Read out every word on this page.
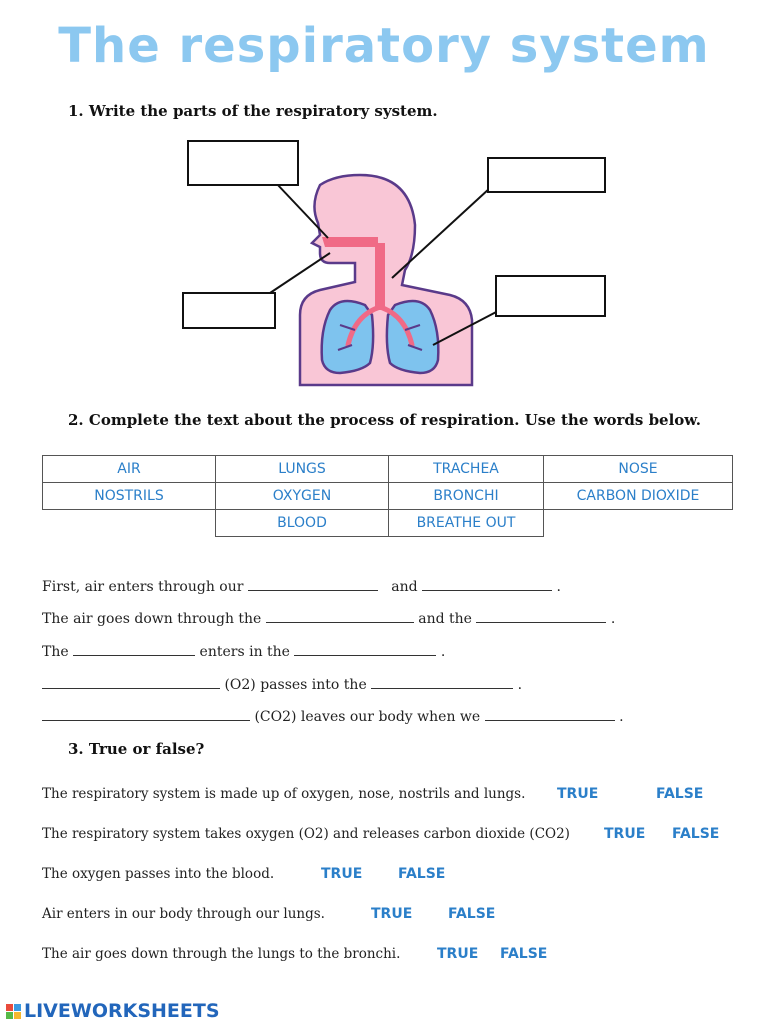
The respiratory system
1. Write the parts of the respiratory system.
2. Complete the text about the process of respiration. Use the words below.
AIR	LUNGS	TRACHEA	NOSE
NOSTRILS	OXYGEN	BRONCHI	CARBON DIOXIDE
	BLOOD	BREATHE OUT	
First, air enters through our	and	.
The air goes down through the	and the	.
The	enters in the	.
(O2) passes into the	.
(CO2) leaves our body when we	.
3. True or false?
The respiratory system is made up of oxygen, nose, nostrils and lungs. TRUE	FALSE
The respiratory system takes oxygen (O2) and releases carbon dioxide (CO2) TRUE FALSE
The oxygen passes into the blood.	TRUE	FALSE
Air enters in our body through our lungs.	TRUE	FALSE
The air goes down through the lungs to the bronchi.	TRUE FALSE
LIVEWORKSHEETS
